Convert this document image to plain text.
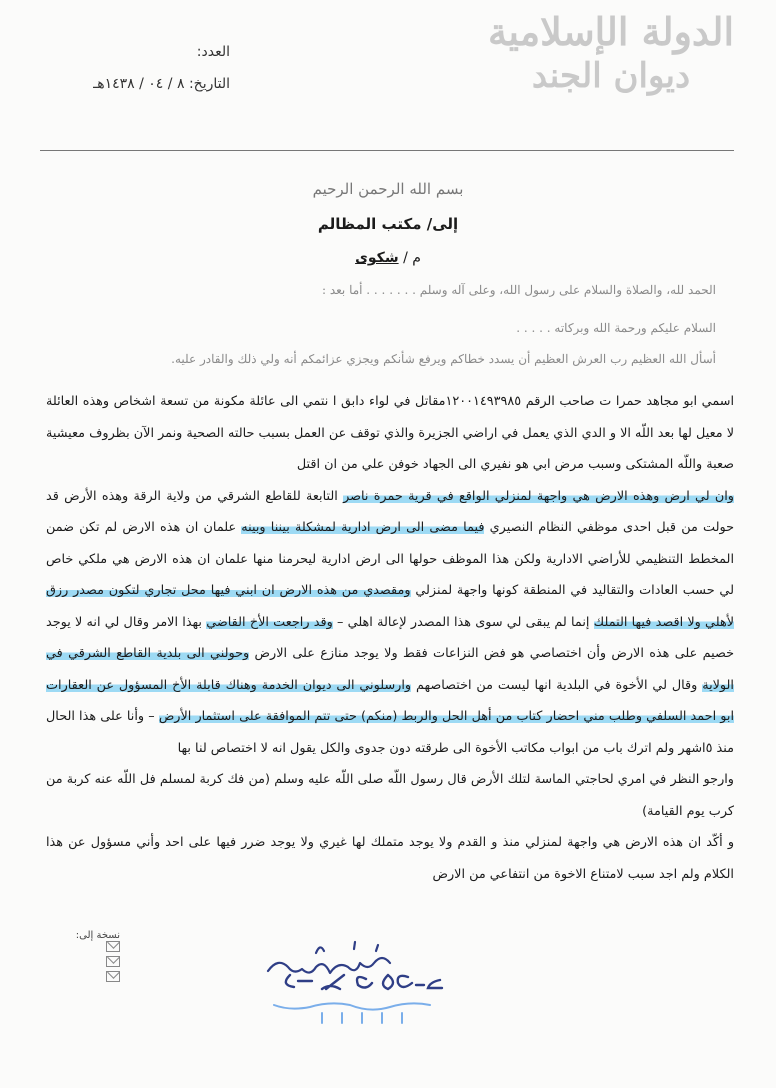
الدولة الإسلامية
ديوان الجند
العدد:
التاريخ: ٨ / ٠٤ / ١٤٣٨هـ
بسم الله الرحمن الرحيم
إلى/ مكتب المظالم
م / شكوى
الحمد لله، والصلاة والسلام على رسول الله، وعلى آله وسلم . . . . . . . أما بعد :
السلام عليكم ورحمة الله وبركاته . . . . .
أسأل الله العظيم رب العرش العظيم أن يسدد خطاكم ويرفع شأنكم ويجزي عزائمكم أنه ولي ذلك والقادر عليه.

اسمي ابو مجاهد حمرا ت صاحب الرقم ١٢٠٠١٤٩٣٩٨٥مقاتل في لواء دابق ا نتمي الى عائلة مكونة من تسعة اشخاص وهذه العائلة لا معيل لها بعد اللّه الا و الدي الذي يعمل في اراضي الجزيرة والذي توقف عن العمل بسبب حالته الصحية ونمر الآن بظروف معيشية صعبة واللّه المشتكى وسبب مرض ابي هو نفيري الى الجهاد خوفن علي من ان اقتل

وان لي ارض وهذه الارض هي واجهة لمنزلي الواقع في قرية حمرة ناصر التابعة للقاطع الشرقي من ولاية الرقة وهذه الأرض قد حولت من قبل احدى موظفي النظام النصيري فيما مضى الى ارض ادارية لمشكلة بيننا وبينه علمان ان هذه الارض لم تكن ضمن المخطط التنظيمي للأراضي الادارية ولكن هذا الموظف حولها الى ارض ادارية ليحرمنا منها علمان ان هذه الارض هي ملكي خاص لي حسب العادات والتقاليد في المنطقة كونها واجهة لمنزلي ومقصدي من هذه الارض ان ابني فيها محل تجاري لتكون مصدر رزق لأهلي ولا اقصد فيها التملك إنما لم يبقى لي سوى هذا المصدر لإعالة اهلي – وقد راجعت الأخ القاضي بهذا الامر وقال لي انه لا يوجد خصيم على هذه الارض وأن اختصاصي هو فض النزاعات فقط ولا يوجد منازع على الارض وحولني الى بلدية القاطع الشرقي في الولاية وقال لي الأخوة في البلدية انها ليست من اختصاصهم وارسلوني الى ديوان الخدمة وهناك قابلة الأخ المسؤول عن العقارات ابو احمد السلفي وطلب مني احضار كتاب من أهل الحل والربط (منكم) حتى تتم الموافقة على استثمار الأرض – وأنا على هذا الحال منذ ٥اشهر ولم اترك باب من ابواب مكاتب الأخوة الى طرقته دون جدوى والكل يقول انه لا اختصاص لنا بها

وارجو النظر في امري لحاجتي الماسة لتلك الأرض قال رسول اللّه صلى اللّه عليه وسلم (من فك كربة لمسلم فل اللّه عنه كربة من كرب يوم القيامة)

و أكّد ان هذه الارض هي واجهة لمنزلي منذ و القدم ولا يوجد متملك لها غيري ولا يوجد ضرر فيها على احد وأني مسؤول عن هذا الكلام ولم اجد سبب لامتناع الاخوة من انتفاعي من الارض

نسخة إلى:
